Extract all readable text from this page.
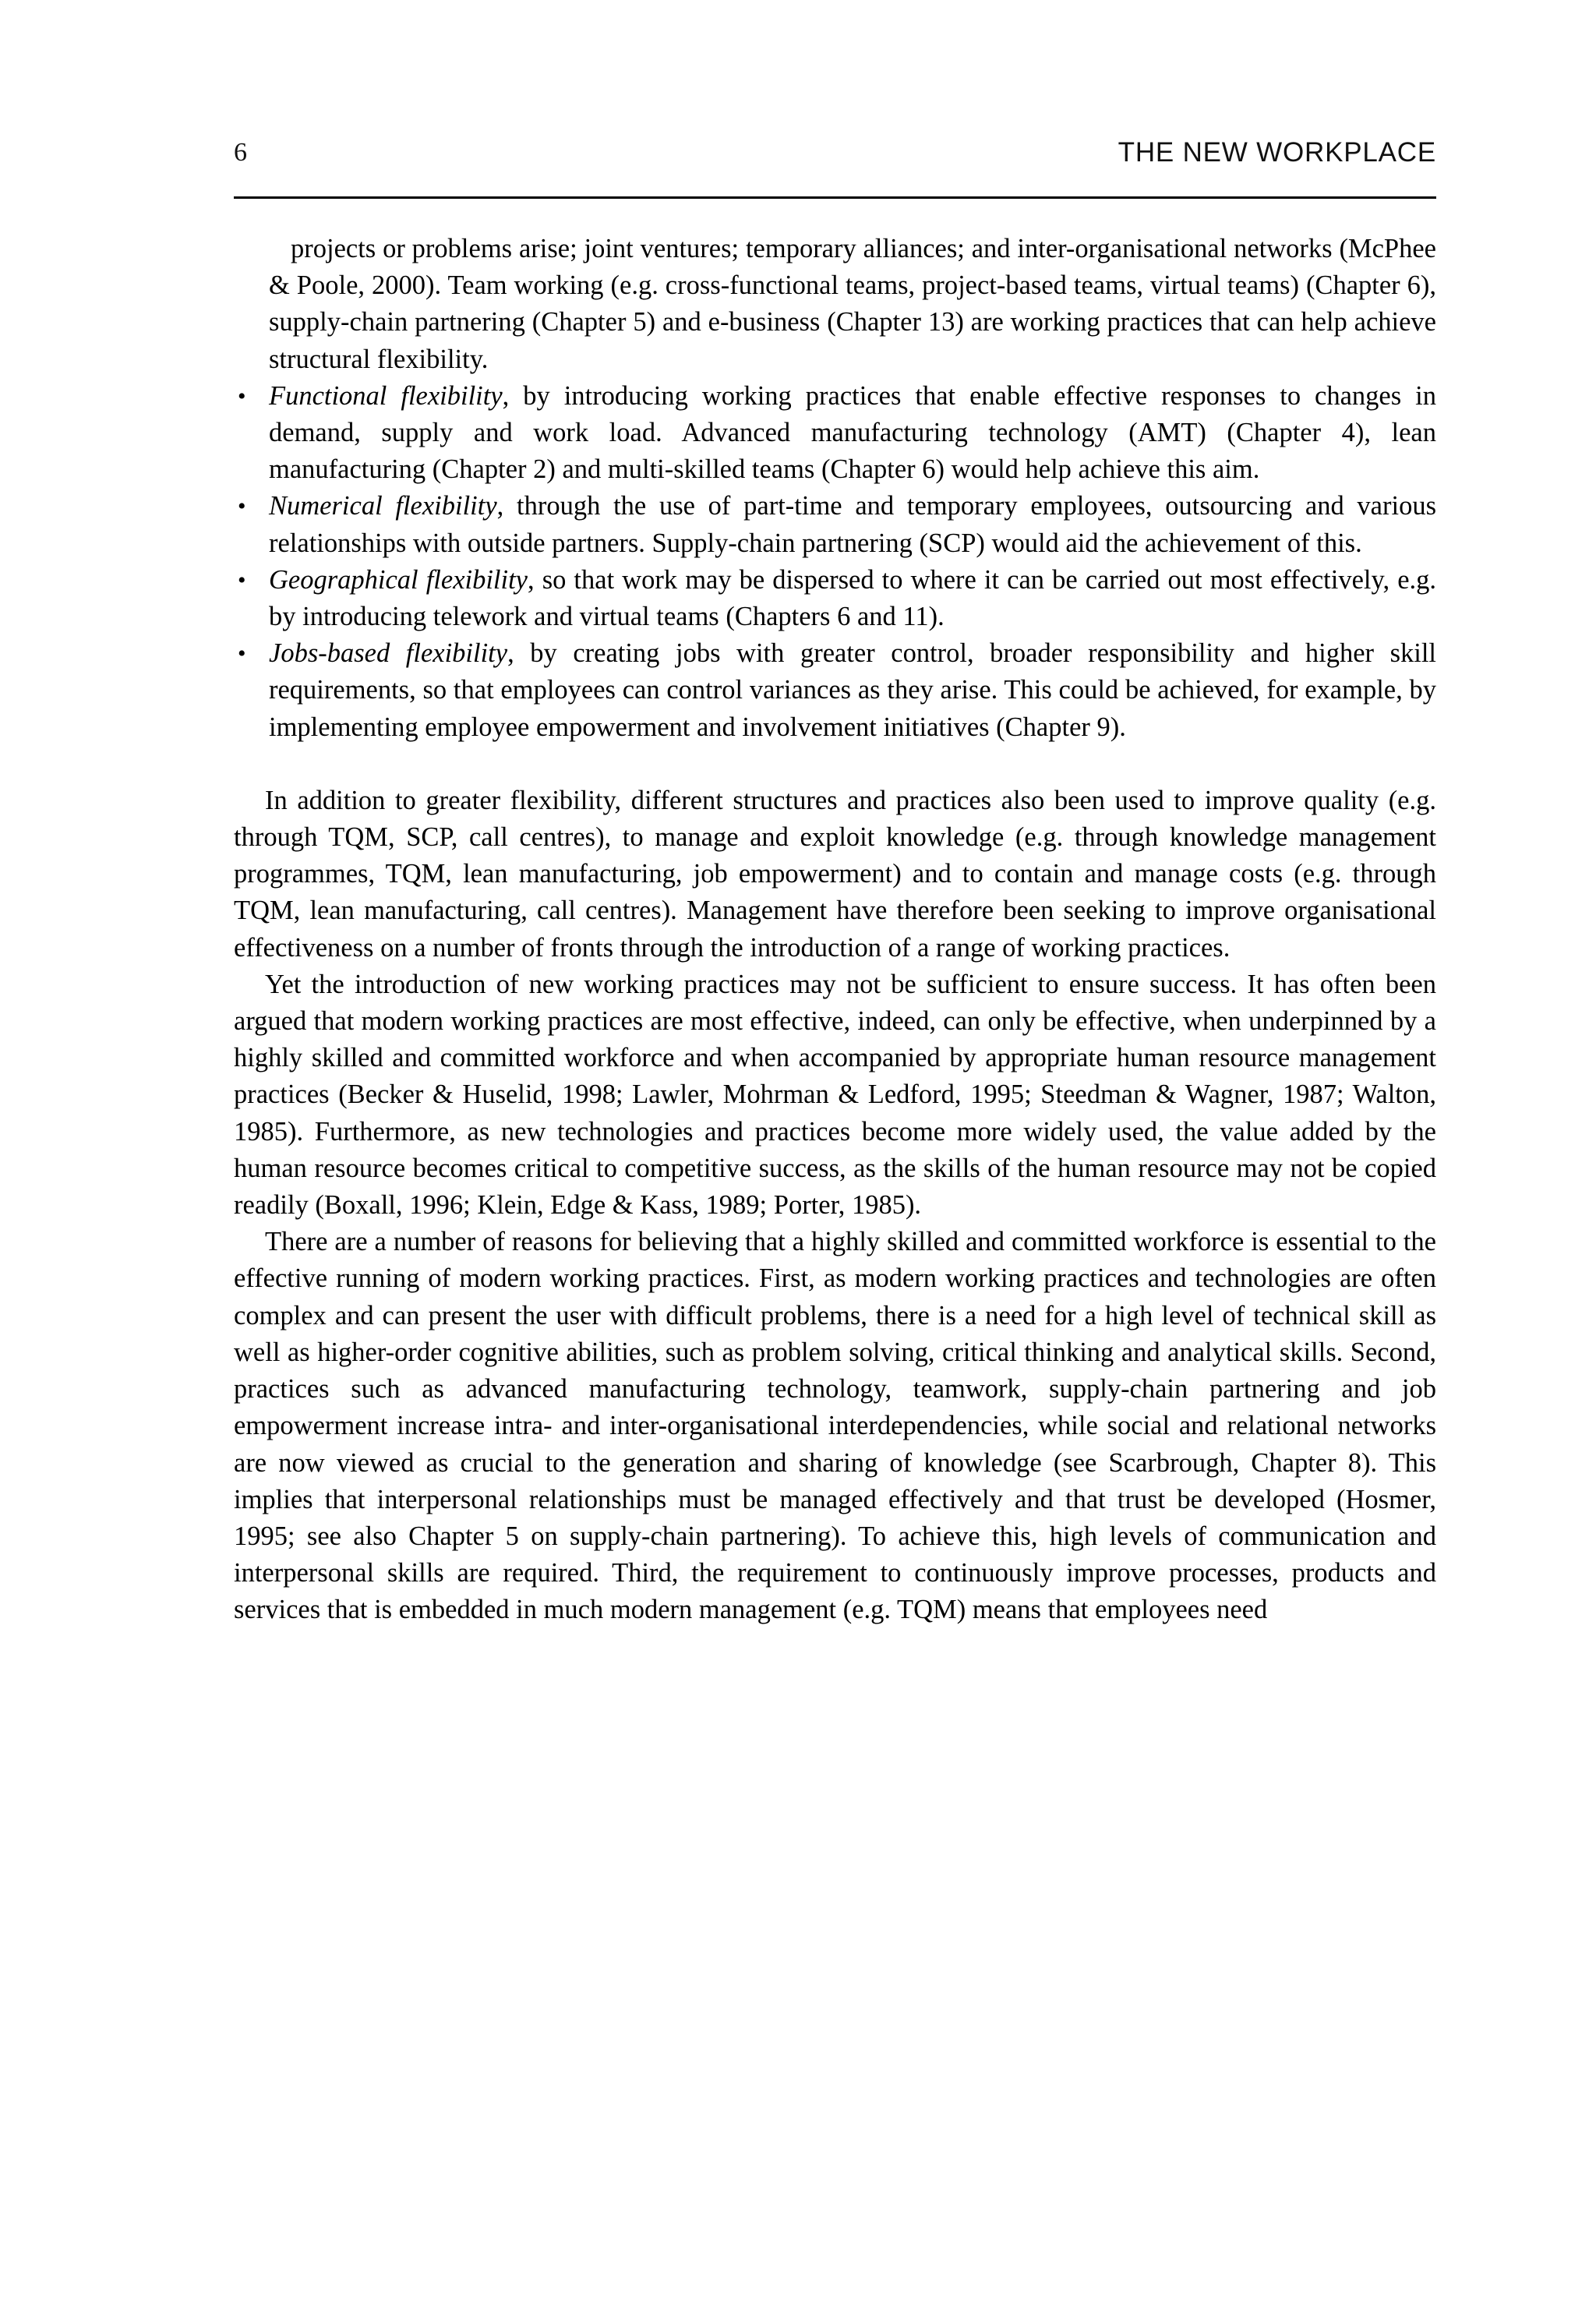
6	THE NEW WORKPLACE

projects or problems arise; joint ventures; temporary alliances; and inter-organisational networks (McPhee & Poole, 2000). Team working (e.g. cross-functional teams, project-based teams, virtual teams) (Chapter 6), supply-chain partnering (Chapter 5) and e-business (Chapter 13) are working practices that can help achieve structural flexibility.

• Functional flexibility, by introducing working practices that enable effective responses to changes in demand, supply and work load. Advanced manufacturing technology (AMT) (Chapter 4), lean manufacturing (Chapter 2) and multi-skilled teams (Chapter 6) would help achieve this aim.
• Numerical flexibility, through the use of part-time and temporary employees, outsourcing and various relationships with outside partners. Supply-chain partnering (SCP) would aid the achievement of this.
• Geographical flexibility, so that work may be dispersed to where it can be carried out most effectively, e.g. by introducing telework and virtual teams (Chapters 6 and 11).
• Jobs-based flexibility, by creating jobs with greater control, broader responsibility and higher skill requirements, so that employees can control variances as they arise. This could be achieved, for example, by implementing employee empowerment and involvement initiatives (Chapter 9).

In addition to greater flexibility, different structures and practices also been used to improve quality (e.g. through TQM, SCP, call centres), to manage and exploit knowledge (e.g. through knowledge management programmes, TQM, lean manufacturing, job empowerment) and to contain and manage costs (e.g. through TQM, lean manufacturing, call centres). Management have therefore been seeking to improve organisational effectiveness on a number of fronts through the introduction of a range of working practices.

Yet the introduction of new working practices may not be sufficient to ensure success. It has often been argued that modern working practices are most effective, indeed, can only be effective, when underpinned by a highly skilled and committed workforce and when accompanied by appropriate human resource management practices (Becker & Huselid, 1998; Lawler, Mohrman & Ledford, 1995; Steedman & Wagner, 1987; Walton, 1985). Furthermore, as new technologies and practices become more widely used, the value added by the human resource becomes critical to competitive success, as the skills of the human resource may not be copied readily (Boxall, 1996; Klein, Edge & Kass, 1989; Porter, 1985).

There are a number of reasons for believing that a highly skilled and committed workforce is essential to the effective running of modern working practices. First, as modern working practices and technologies are often complex and can present the user with difficult problems, there is a need for a high level of technical skill as well as higher-order cognitive abilities, such as problem solving, critical thinking and analytical skills. Second, practices such as advanced manufacturing technology, teamwork, supply-chain partnering and job empowerment increase intra- and inter-organisational interdependencies, while social and relational networks are now viewed as crucial to the generation and sharing of knowledge (see Scarbrough, Chapter 8). This implies that interpersonal relationships must be managed effectively and that trust be developed (Hosmer, 1995; see also Chapter 5 on supply-chain partnering). To achieve this, high levels of communication and interpersonal skills are required. Third, the requirement to continuously improve processes, products and services that is embedded in much modern management (e.g. TQM) means that employees need
